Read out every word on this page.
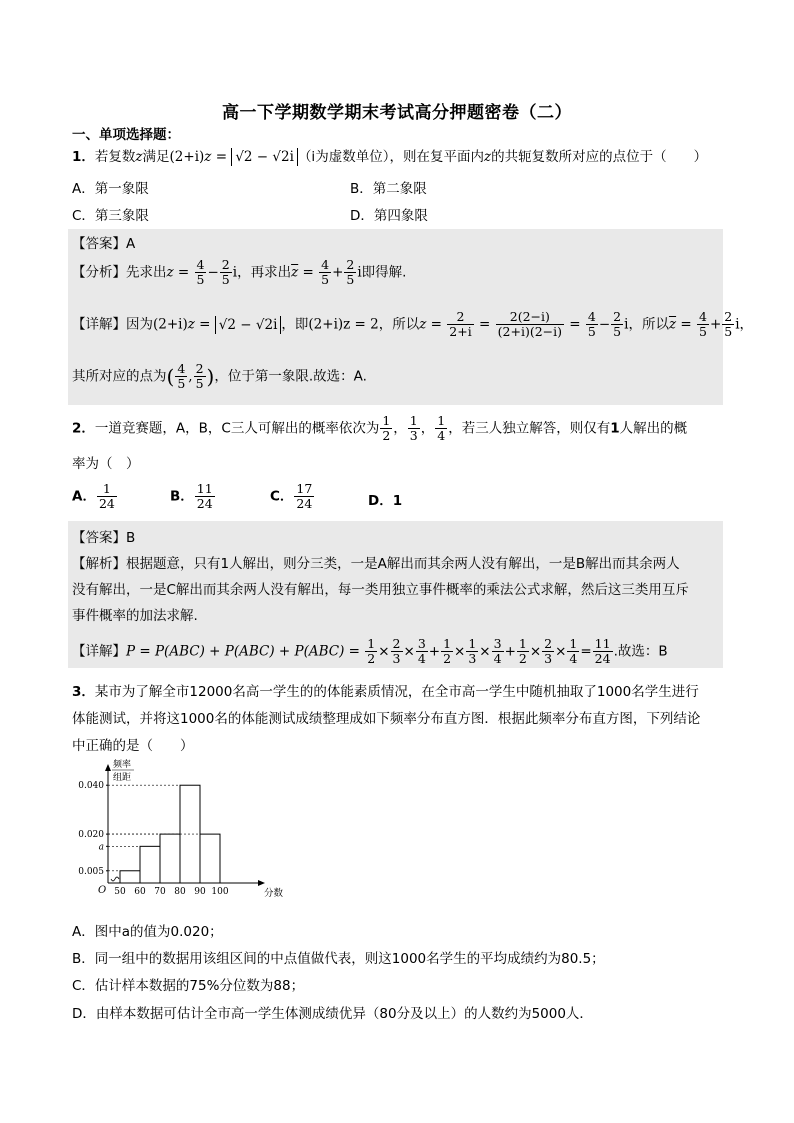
高一下学期数学期末考试高分押题密卷（二）
一、单项选择题：
1．若复数z满足(2+i)z = √2 − √2i （i为虚数单位），则在复平面内z的共轭复数所对应的点位于（　　）
A．第一象限	B．第二象限
C．第三象限	D．第四象限
【答案】A
【分析】先求出$z = \frac{4}{5} - \frac{2}{5}$ i，再求出$\overline{z} = \frac{4}{5} + \frac{2}{5}$ i即得解.
【详解】因为(2+i)z = √2 − √2i ，即(2+i)z = 2，所以$z = \frac{2}{2+i} = \frac{2(2-i)}{(2+i)(2-i)} = \frac{4}{5} - \frac{2}{5}$ i，所以$\overline{z} = \frac{4}{5} + \frac{2}{5}$ i，
其所对应的点为( $\frac{4}{5}$ , $\frac{2}{5}$ )，位于第一象限.故选：A.
2．一道竞赛题，A，B，C三人可解出的概率依次为 $\frac{1}{2}$ ， $\frac{1}{3}$ ， $\frac{1}{4}$ ，若三人独立解答，则仅有1人解出的概
率为（　）
A． $\frac{1}{24}$	B． $\frac{11}{24}$	C． $\frac{17}{24}$	D．1
【答案】B
【解析】根据题意，只有1人解出，则分三类，一是A解出而其余两人没有解出，一是B解出而其余两人
没有解出，一是C解出而其余两人没有解出，每一类用独立事件概率的乘法公式求解，然后这三类用互斥
事件概率的加法求解.
【详解】$P = P(ABC) + P(ABC) + P(ABC) = \frac{1}{2} \times \frac{2}{3} \times \frac{3}{4} + \frac{1}{2} \times \frac{1}{3} \times \frac{3}{4} + \frac{1}{2} \times \frac{2}{3} \times \frac{1}{4} = \frac{11}{24}$ .故选：B
3．某市为了解全市12000名高一学生的的体能素质情况，在全市高一学生中随机抽取了1000名学生进行
体能测试，并将这1000名的体能测试成绩整理成如下频率分布直方图．根据此频率分布直方图，下列结论
中正确的是（　　）
频率
组距
分数
O
0.005
a
0.020
0.040
50 60 70 80 90 100
A．图中a的值为0.020；
B．同一组中的数据用该组区间的中点值做代表，则这1000名学生的平均成绩约为80.5；
C．估计样本数据的75%分位数为88；
D．由样本数据可估计全市高一学生体测成绩优异（80分及以上）的人数约为5000人．
